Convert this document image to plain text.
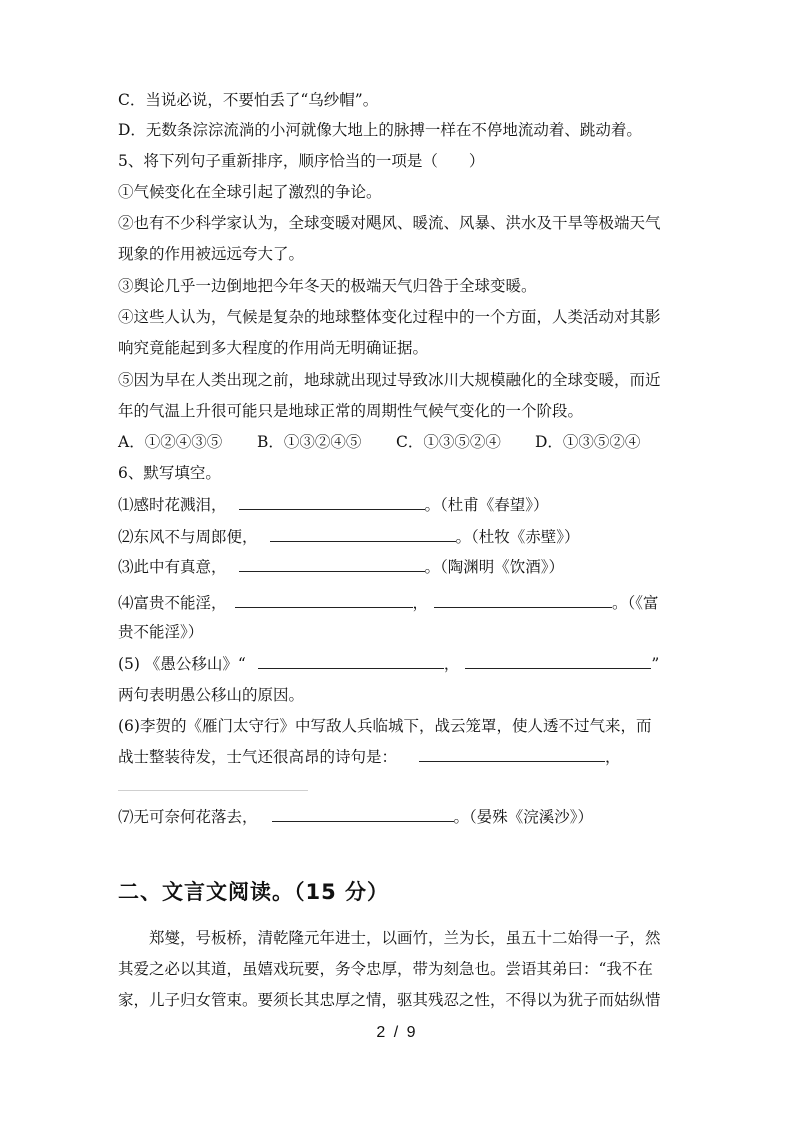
C．当说必说，不要怕丢了“乌纱帽”。
D．无数条淙淙流淌的小河就像大地上的脉搏一样在不停地流动着、跳动着。
5、将下列句子重新排序，顺序恰当的一项是（　　）
①气候变化在全球引起了激烈的争论。
②也有不少科学家认为，全球变暖对飓风、暖流、风暴、洪水及干旱等极端天气
现象的作用被远远夸大了。
③舆论几乎一边倒地把今年冬天的极端天气归咎于全球变暖。
④这些人认为，气候是复杂的地球整体变化过程中的一个方面，人类活动对其影
响究竟能起到多大程度的作用尚无明确证据。
⑤因为早在人类出现之前，地球就出现过导致冰川大规模融化的全球变暖，而近
年的气温上升很可能只是地球正常的周期性气候气变化的一个阶段。
A．①②④③⑤ B．①③②④⑤ C．①③⑤②④ D．①③⑤②④
6、默写填空。
⑴感时花溅泪，	。（杜甫《春望》）
⑵东风不与周郎便，	。（杜牧《赤壁》）
⑶此中有真意，	。（陶渊明《饮酒》）
⑷富贵不能淫，	，	。（《富
贵不能淫》）
(5) 《愚公移山》“	，	”
两句表明愚公移山的原因。
(6)李贺的《雁门太守行》中写敌人兵临城下，战云笼罩，使人透不过气来，而
战士整装待发，士气还很高昂的诗句是：	，
⑺无可奈何花落去，	。（晏殊《浣溪沙》）
二、文言文阅读。（15 分）
　　郑燮，号板桥，清乾隆元年进士，以画竹，兰为长，虽五十二始得一子，然
其爱之必以其道，虽嬉戏玩要，务令忠厚，带为刻急也。尝语其弟曰：“我不在
家，儿子归女管束。要须长其忠厚之情，驱其残忍之性，不得以为犹子而姑纵惜
2 / 9
